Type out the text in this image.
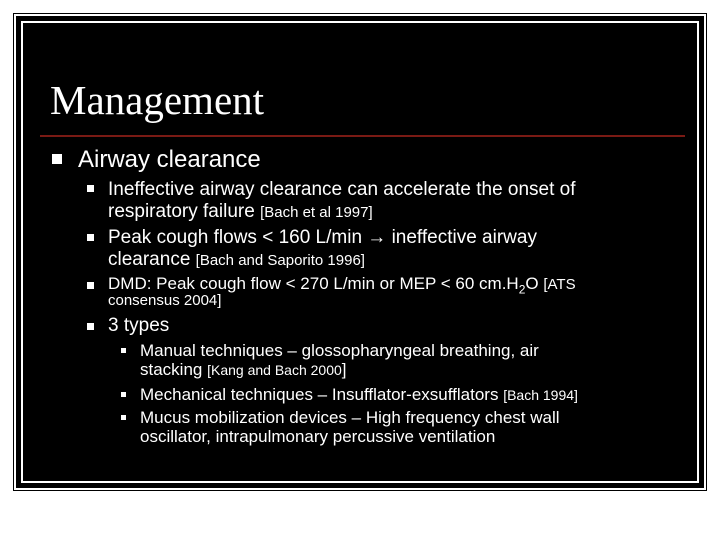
Management
Airway clearance
Ineffective airway clearance can accelerate the onset of
respiratory failure [Bach et al 1997]
Peak cough flows < 160 L/min → ineffective airway
clearance [Bach and Saporito 1996]
DMD: Peak cough flow < 270 L/min or MEP < 60 $cm.H_2O$ [ATS
consensus 2004]
3 types
Manual techniques – glossopharyngeal breathing, air
stacking [Kang and Bach 2000]
Mechanical techniques – Insufflator-exsufflators [Bach 1994]
Mucus mobilization devices – High frequency chest wall
oscillator, intrapulmonary percussive ventilation
